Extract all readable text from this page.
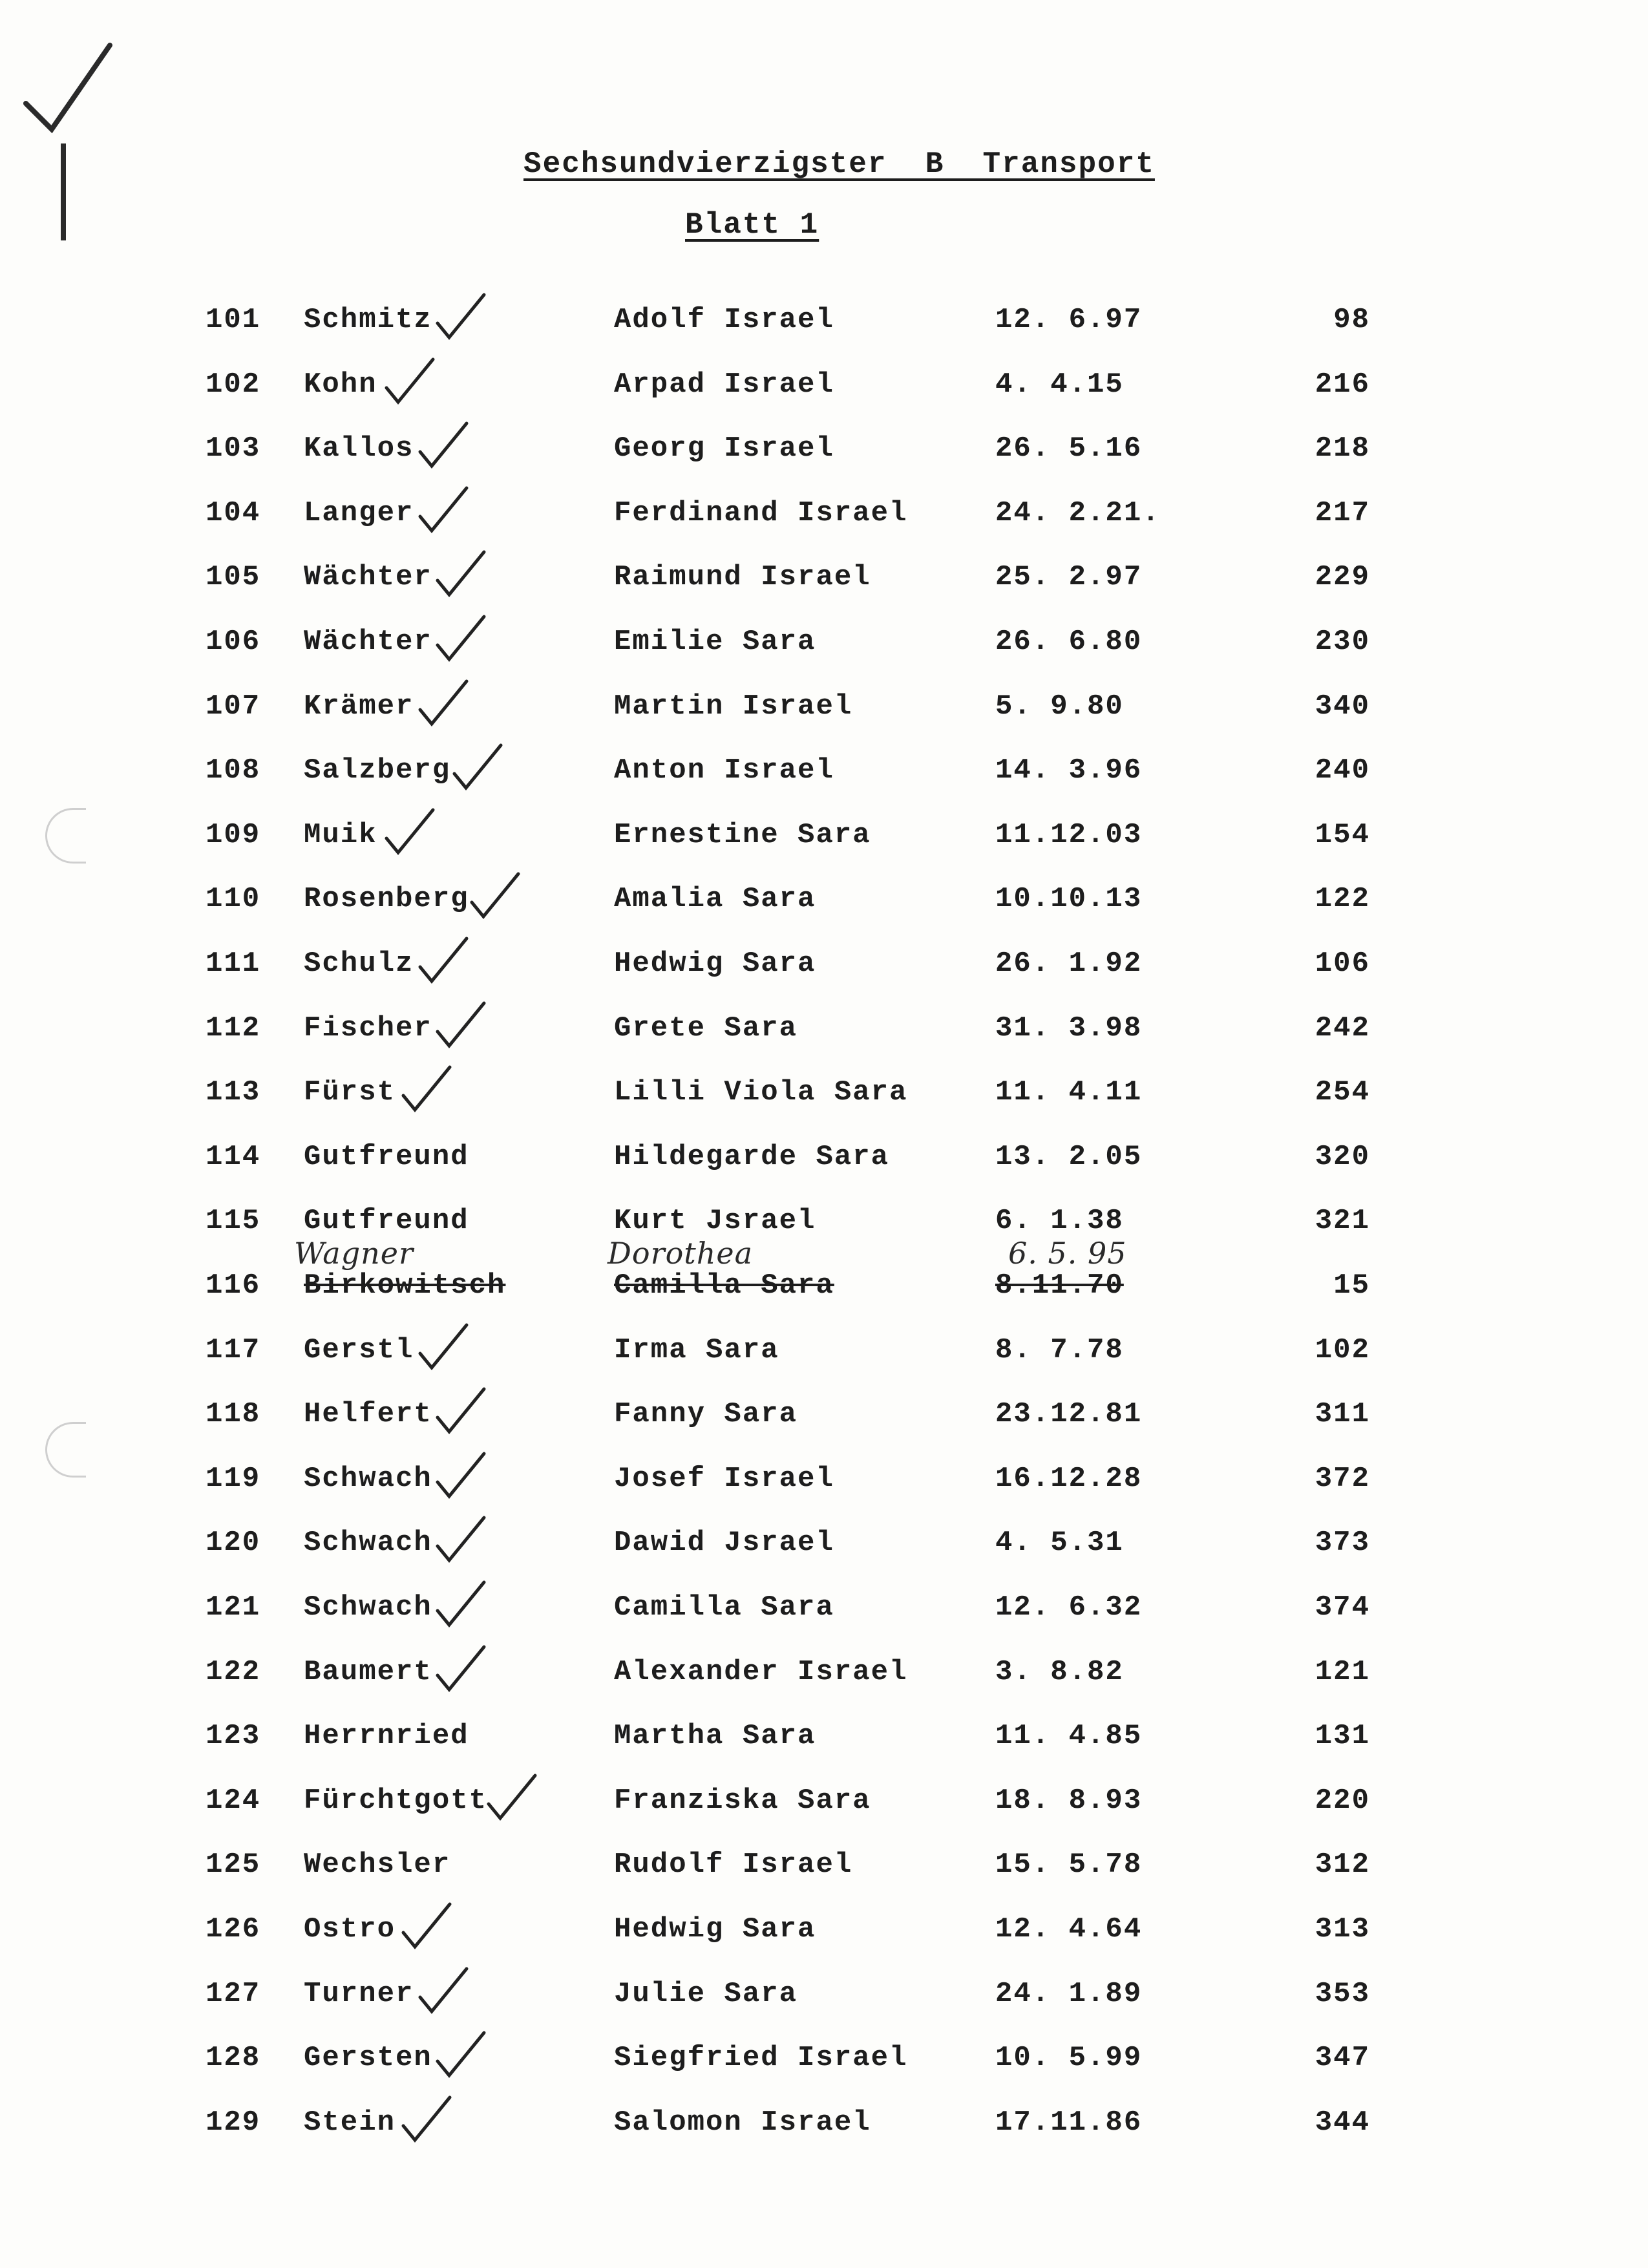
Sechsundvierzigster  B  Transport
Blatt 1
101 Schmitz	Adolf Israel	12. 6.97	98
102 Kohn	Arpad Israel	4. 4.15	216
103 Kallos	Georg Israel	26. 5.16	218
104 Langer	Ferdinand Israel	24. 2.21.	217
105 Wächter	Raimund Israel	25. 2.97	229
106 Wächter	Emilie Sara	26. 6.80	230
107 Krämer	Martin Israel	5. 9.80	340
108 Salzberg	Anton Israel	14. 3.96	240
109 Muik	Ernestine Sara	11.12.03	154
110 Rosenberg	Amalia Sara	10.10.13	122
111 Schulz	Hedwig Sara	26. 1.92	106
112 Fischer	Grete Sara	31. 3.98	242
113 Fürst	Lilli Viola Sara	11. 4.11	254
114 Gutfreund	Hildegarde Sara	13. 2.05	320
115 Gutfreund	Kurt Jsrael	6. 1.38	321
116 Birkowitsch	Camilla Sara	8.11.70	15
Wagner	Dorothea	6. 5. 95
117 Gerstl	Irma Sara	8. 7.78	102
118 Helfert	Fanny Sara	23.12.81	311
119 Schwach	Josef Israel	16.12.28	372
120 Schwach	Dawid Jsrael	4. 5.31	373
121 Schwach	Camilla Sara	12. 6.32	374
122 Baumert	Alexander Israel	3. 8.82	121
123 Herrnried	Martha Sara	11. 4.85	131
124 Fürchtgott	Franziska Sara	18. 8.93	220
125 Wechsler	Rudolf Israel	15. 5.78	312
126 Ostro	Hedwig Sara	12. 4.64	313
127 Turner	Julie Sara	24. 1.89	353
128 Gersten	Siegfried Israel	10. 5.99	347
129 Stein	Salomon Israel	17.11.86	344
